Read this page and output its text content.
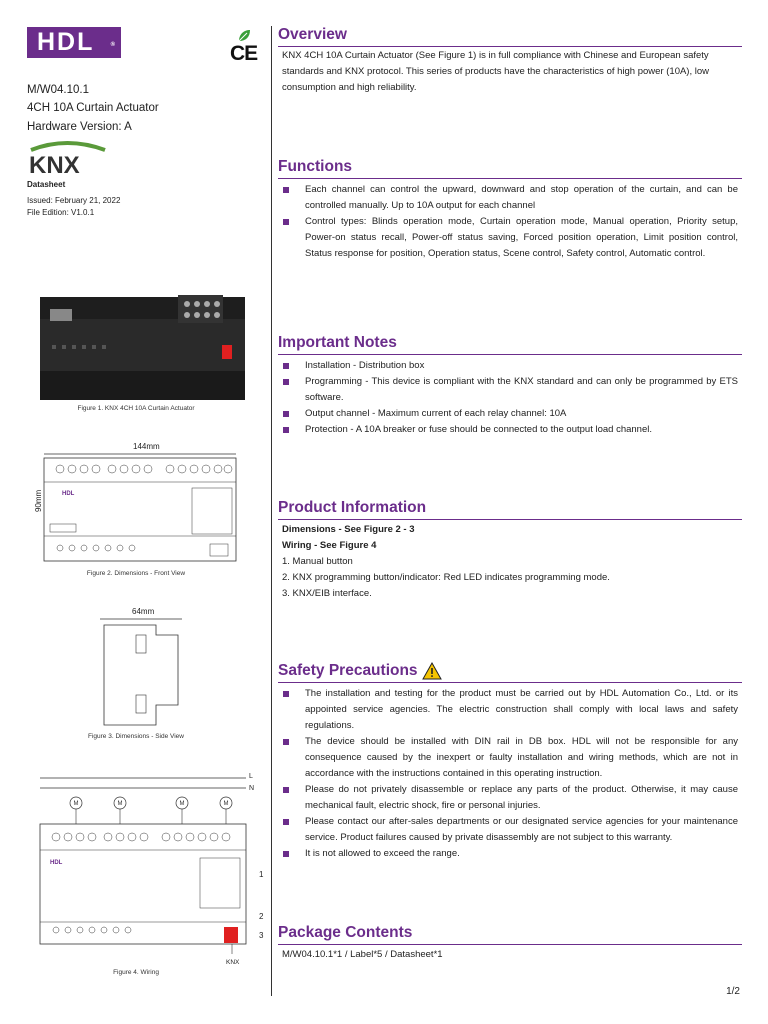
HDL	®	CE
M/W04.10.1
4CH 10A Curtain Actuator
Hardware Version: A
KNX
Datasheet
Issued: February 21, 2022
File Edition: V1.0.1
Figure 1. KNX 4CH 10A Curtain Actuator
144mm
90mm	HDL
Figure 2. Dimensions - Front View
64mm
Figure 3. Dimensions - Side View
L
N
M	M	M	M
HDL
1
2
3
KNX
Figure 4. Wiring
Overview
KNX 4CH 10A Curtain Actuator (See Figure 1) is in full compliance with Chinese and European safety standards and KNX protocol. This series of products have the characteristics of high power (10A), low consumption and high reliability.
Functions
Each channel can control the upward, downward and stop operation of the curtain, and can be controlled manually. Up to 10A output for each channel
Control types: Blinds operation mode, Curtain operation mode, Manual operation, Priority setup, Power-on status recall, Power-off status saving, Forced position operation, Limit position control, Status response for position, Operation status, Scene control, Safety control, Automatic control.
Important Notes
Installation - Distribution box
Programming - This device is compliant with the KNX standard and can only be programmed by ETS software.
Output channel - Maximum current of each relay channel: 10A
Protection - A 10A breaker or fuse should be connected to the output load channel.
Product Information
Dimensions - See Figure 2 - 3
Wiring - See Figure 4
1. Manual button
2. KNX programming button/indicator: Red LED indicates programming mode.
3. KNX/EIB interface.
Safety Precautions
The installation and testing for the product must be carried out by HDL Automation Co., Ltd. or its appointed service agencies. The electric construction shall comply with local laws and safety regulations.
The device should be installed with DIN rail in DB box. HDL will not be responsible for any consequence caused by the inexpert or faulty installation and wiring methods, which are not in accordance with the instructions contained in this operating instruction.
Please do not privately disassemble or replace any parts of the product. Otherwise, it may cause mechanical fault, electric shock, fire or personal injuries.
Please contact our after-sales departments or our designated service agencies for your maintenance service. Product failures caused by private disassembly are not subject to this warranty.
It is not allowed to exceed the range.
Package Contents
M/W04.10.1*1 / Label*5 / Datasheet*1
1/2
